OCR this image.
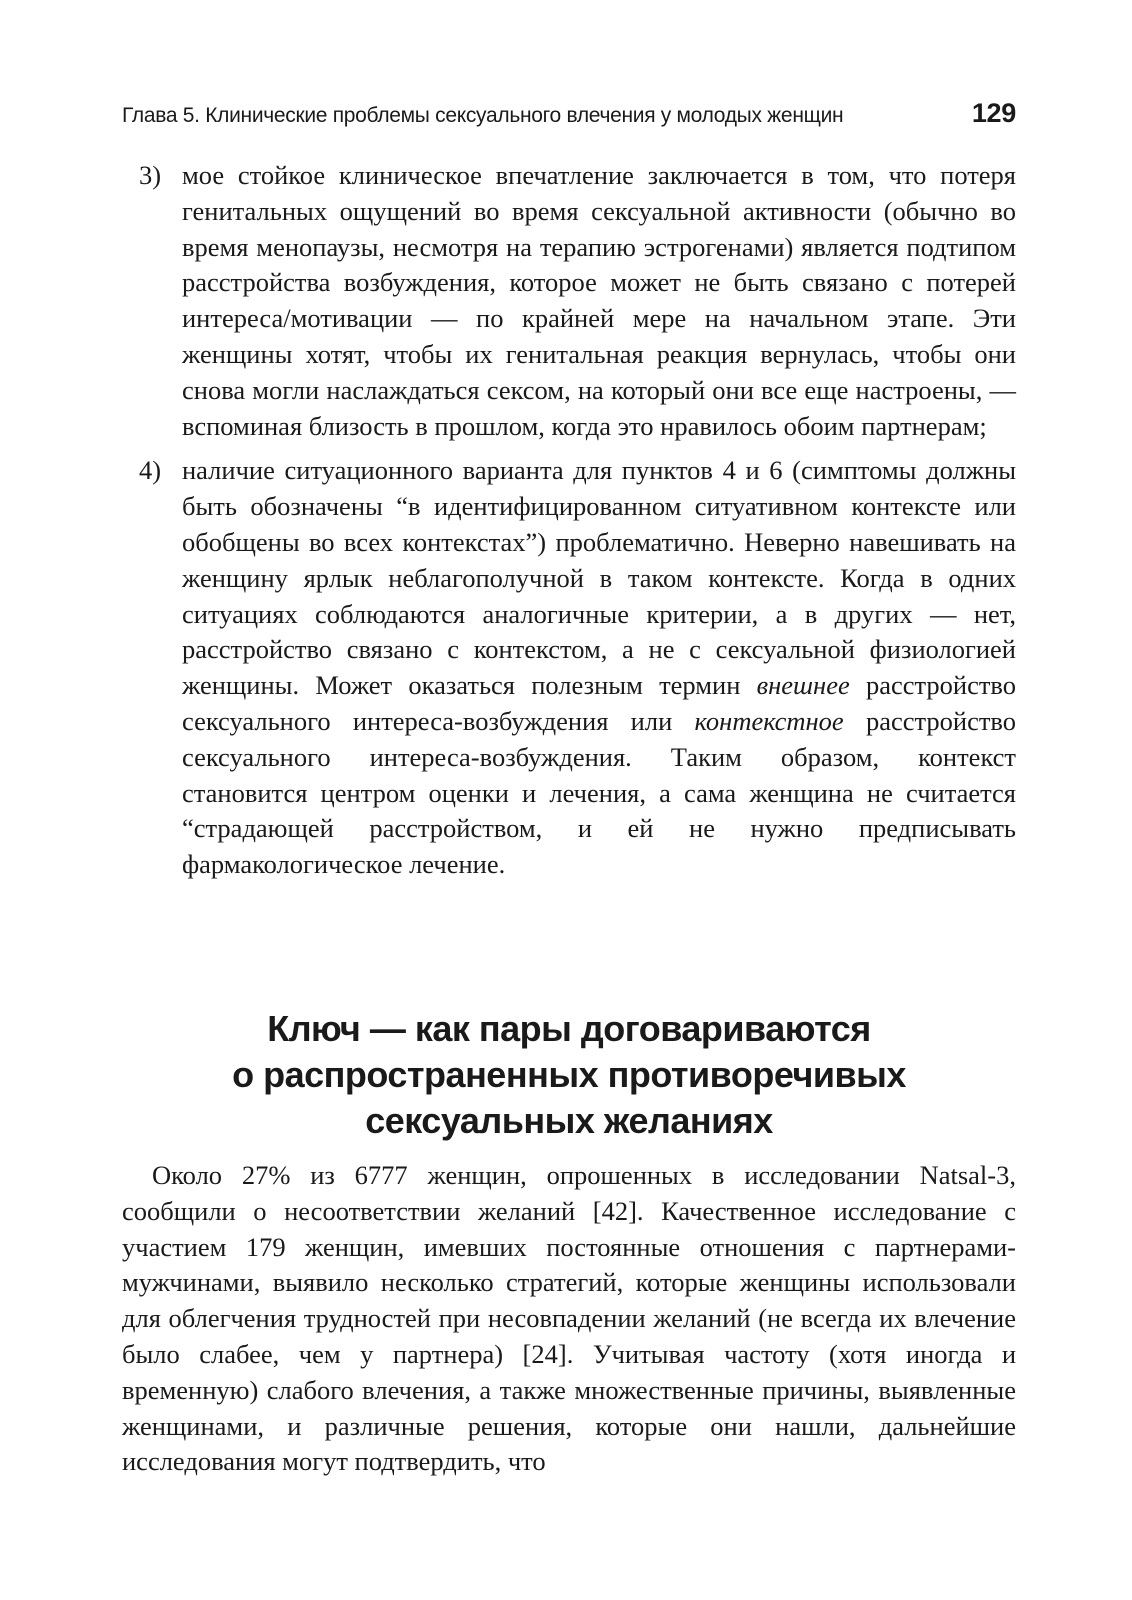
Глава 5. Клинические проблемы сексуального влечения у молодых женщин	129
3) мое стойкое клиническое впечатление заключается в том, что потеря генитальных ощущений во время сексуальной активности (обычно во время менопаузы, несмотря на терапию эстрогенами) является подтипом расстройства возбуждения, которое может не быть связано с потерей интереса/мотивации — по крайней мере на начальном этапе. Эти женщины хотят, чтобы их генитальная реакция вернулась, чтобы они снова могли наслаждаться сексом, на который они все еще настроены, — вспоминая близость в прошлом, когда это нравилось обоим партнерам;

4) наличие ситуационного варианта для пунктов 4 и 6 (симптомы должны быть обозначены “в идентифицированном ситуативном контексте или обобщены во всех контекстах”) проблематично. Неверно навешивать на женщину ярлык неблагополучной в таком контексте. Когда в одних ситуациях соблюдаются аналогичные критерии, а в других — нет, расстройство связано с контекстом, а не с сексуальной физиологией женщины. Может оказаться полезным термин внешнее расстройство сексуального интереса-возбуждения или контекстное расстройство сексуального интереса-возбуждения. Таким образом, контекст становится центром оценки и лечения, а сама женщина не считается “страдающей расстройством, и ей не нужно предписывать фармакологическое лечение.

Ключ — как пары договариваются
о распространенных противоречивых
сексуальных желаниях

Около 27% из 6777 женщин, опрошенных в исследовании Natsal-3, сообщили о несоответствии желаний [42]. Качественное исследование с участием 179 женщин, имевших постоянные отношения с партнерами-мужчинами, выявило несколько стратегий, которые женщины использовали для облегчения трудностей при несовпадении желаний (не всегда их влечение было слабее, чем у партнера) [24]. Учитывая частоту (хотя иногда и временную) слабого влечения, а также множественные причины, выявленные женщинами, и различные решения, которые они нашли, дальнейшие исследования могут подтвердить, что
